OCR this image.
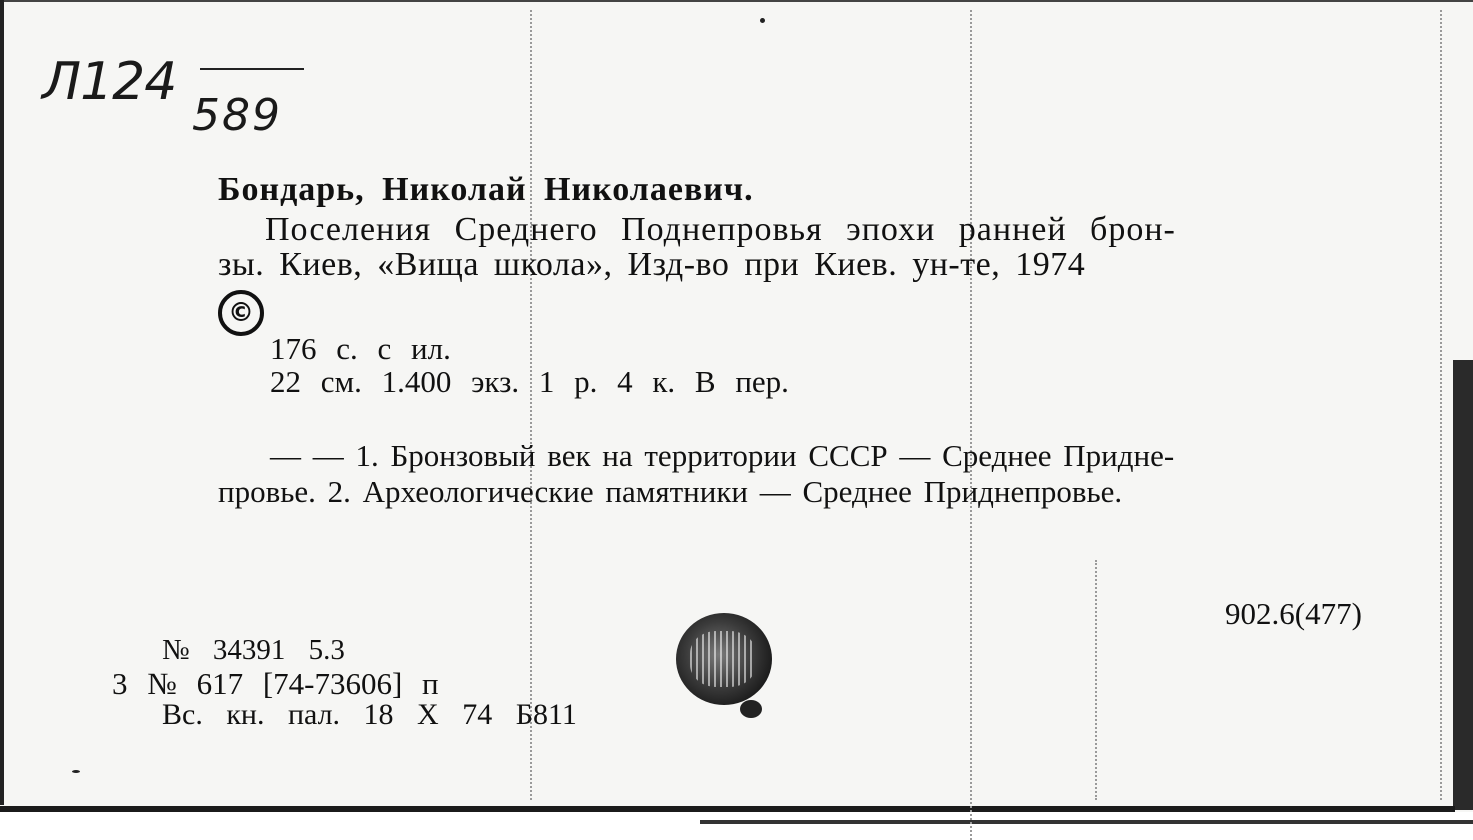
Л124
589
Бондарь, Николай Николаевич.
Поселения Среднего Поднепровья эпохи ранней брон-
зы. Киев, «Вища школа», Изд-во при Киев. ун-те, 1974
©
176 с. с ил.
22 см. 1.400 экз. 1 р. 4 к. В пер.
— — 1. Бронзовый век на территории СССР — Среднее Придне-
провье. 2. Археологические памятники — Среднее Приднепровье.
902.6(477)
№ 34391 5.3
3 № 617 [74-73606] п
Вс. кн. пал. 18 Х 74 Б811
